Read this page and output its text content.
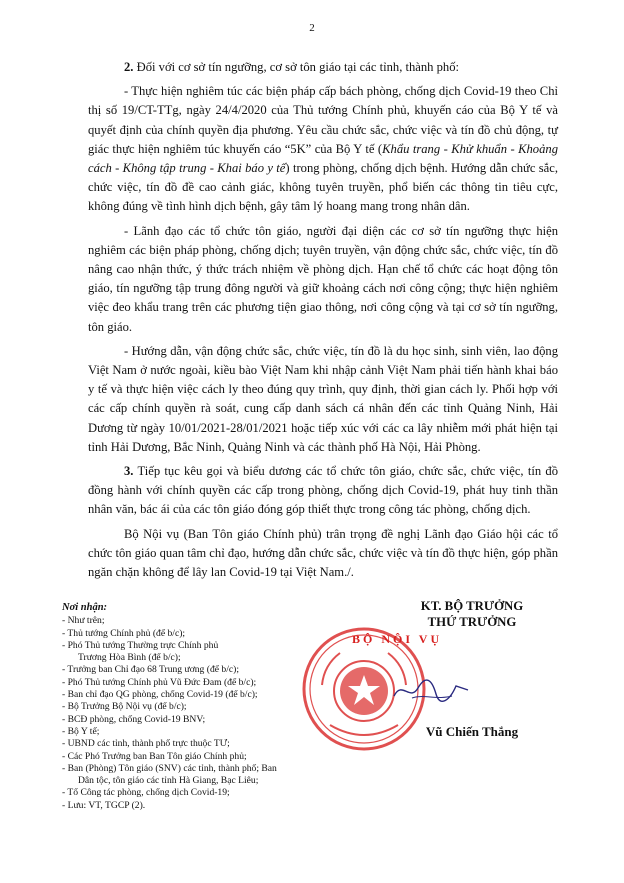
2

2. Đối với cơ sở tín ngưỡng, cơ sở tôn giáo tại các tỉnh, thành phố:

- Thực hiện nghiêm túc các biện pháp cấp bách phòng, chống dịch Covid-19 theo Chỉ thị số 19/CT-TTg, ngày 24/4/2020 của Thủ tướng Chính phủ, khuyến cáo của Bộ Y tế và quyết định của chính quyền địa phương. Yêu cầu chức sắc, chức việc và tín đồ chủ động, tự giác thực hiện nghiêm túc khuyến cáo “5K” của Bộ Y tế (Khẩu trang - Khử khuẩn - Khoảng cách - Không tập trung - Khai báo y tế) trong phòng, chống dịch bệnh. Hướng dẫn chức sắc, chức việc, tín đồ đề cao cảnh giác, không tuyên truyền, phổ biến các thông tin tiêu cực, không đúng về tình hình dịch bệnh, gây tâm lý hoang mang trong nhân dân.

- Lãnh đạo các tổ chức tôn giáo, người đại diện các cơ sở tín ngưỡng thực hiện nghiêm các biện pháp phòng, chống dịch; tuyên truyền, vận động chức sắc, chức việc, tín đồ nâng cao nhận thức, ý thức trách nhiệm về phòng dịch. Hạn chế tổ chức các hoạt động tôn giáo, tín ngưỡng tập trung đông người và giữ khoảng cách nơi công cộng; thực hiện nghiêm việc đeo khẩu trang trên các phương tiện giao thông, nơi công cộng và tại cơ sở tín ngưỡng, tôn giáo.

- Hướng dẫn, vận động chức sắc, chức việc, tín đồ là du học sinh, sinh viên, lao động Việt Nam ở nước ngoài, kiều bào Việt Nam khi nhập cảnh Việt Nam phải tiến hành khai báo y tế và thực hiện việc cách ly theo đúng quy trình, quy định, thời gian cách ly. Phối hợp với các cấp chính quyền rà soát, cung cấp danh sách cá nhân đến các tỉnh Quảng Ninh, Hải Dương từ ngày 10/01/2021-28/01/2021 hoặc tiếp xúc với các ca lây nhiễm mới phát hiện tại tỉnh Hải Dương, Bắc Ninh, Quảng Ninh và các thành phố Hà Nội, Hải Phòng.

3. Tiếp tục kêu gọi và biểu dương các tổ chức tôn giáo, chức sắc, chức việc, tín đồ đồng hành với chính quyền các cấp trong phòng, chống dịch Covid-19, phát huy tinh thần nhân văn, bác ái của các tôn giáo đóng góp thiết thực trong công tác phòng, chống dịch.

Bộ Nội vụ (Ban Tôn giáo Chính phủ) trân trọng đề nghị Lãnh đạo Giáo hội các tổ chức tôn giáo quan tâm chỉ đạo, hướng dẫn chức sắc, chức việc và tín đồ thực hiện, góp phần ngăn chặn không để lây lan Covid-19 tại Việt Nam./.

Nơi nhận:
- Như trên;
- Thủ tướng Chính phủ (để b/c);
- Phó Thủ tướng Thường trực Chính phủ
Trương Hòa Bình (để b/c);
- Trưởng ban Chỉ đạo 68 Trung ương (để b/c);
- Phó Thủ tướng Chính phủ Vũ Đức Đam (để b/c);
- Ban chỉ đạo QG phòng, chống Covid-19 (để b/c);
- Bộ Trưởng Bộ Nội vụ (để b/c);
- BCĐ phòng, chống Covid-19 BNV;
- Bộ Y tế;
- UBND các tỉnh, thành phố trực thuộc TƯ;
- Các Phó Trưởng ban Ban Tôn giáo Chính phủ;
- Ban (Phòng) Tôn giáo (SNV) các tỉnh, thành phố; Ban
Dân tộc, tôn giáo các tỉnh Hà Giang, Bạc Liêu;
- Tổ Công tác phòng, chống dịch Covid-19;
- Lưu: VT, TGCP (2).
BỘ NỘI VỤ
KT. BỘ TRƯỞNG
THỨ TRƯỞNG
Vũ Chiến Thắng
